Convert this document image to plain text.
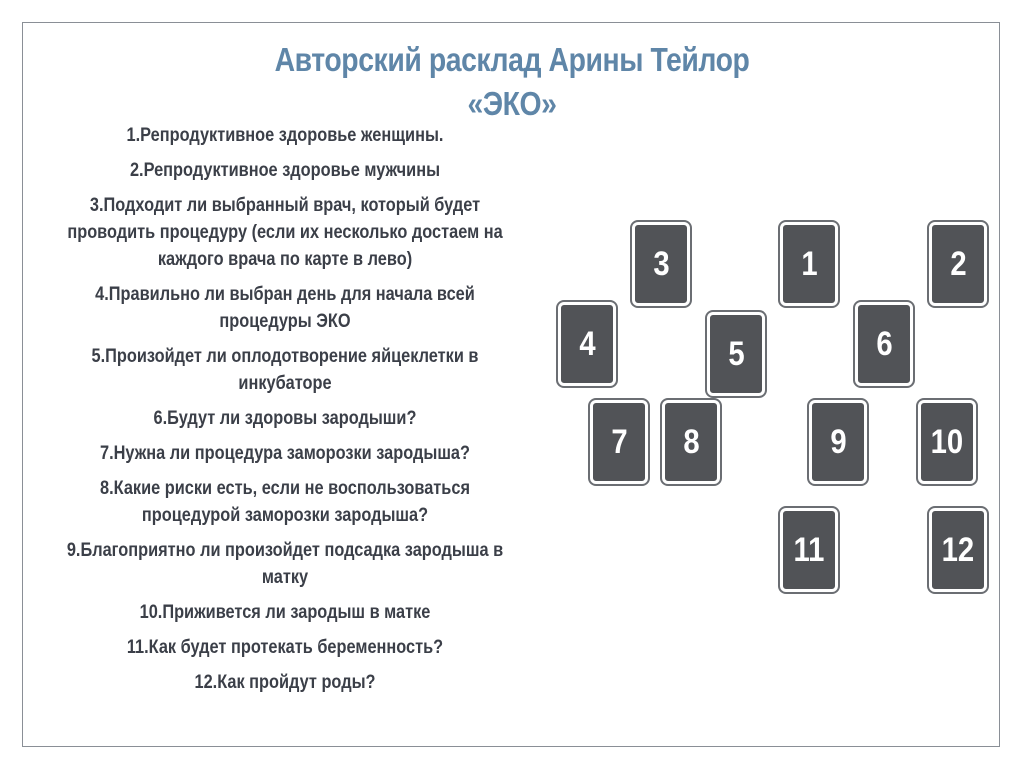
Авторский расклад Арины Тейлор
«ЭКО»
1.Репродуктивное здоровье женщины.
2.Репродуктивное здоровье мужчины
3.Подходит ли выбранный врач, который будет проводить процедуру (если их несколько достаем на каждого врача по карте в лево)
4.Правильно ли выбран день для начала всей процедуры ЭКО
5.Произойдет ли оплодотворение яйцеклетки в инкубаторе
6.Будут ли здоровы зародыши?
7.Нужна ли процедура заморозки зародыша?
8.Какие риски есть, если не воспользоваться процедурой заморозки зародыша?
9.Благоприятно ли произойдет подсадка зародыша в матку
10.Приживется ли зародыш в матке
11.Как будет протекать беременность?
12.Как пройдут роды?
3	1	2
4	5	6
7 8	9 10
11	12
